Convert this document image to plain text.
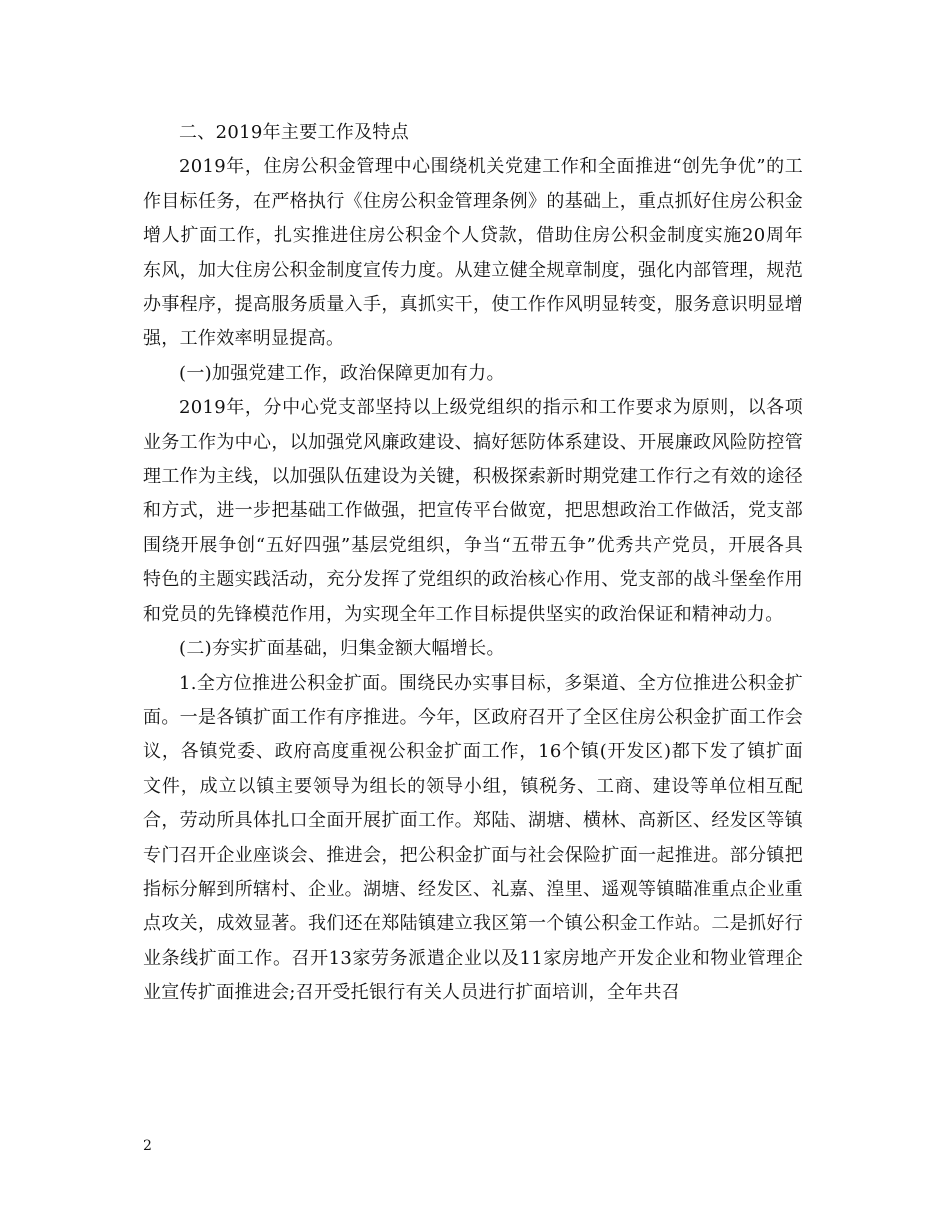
二、2019年主要工作及特点

2019年，住房公积金管理中心围绕机关党建工作和全面推进“创先争优”的工作目标任务，在严格执行《住房公积金管理条例》的基础上，重点抓好住房公积金增人扩面工作，扎实推进住房公积金个人贷款，借助住房公积金制度实施20周年东风，加大住房公积金制度宣传力度。从建立健全规章制度，强化内部管理，规范办事程序，提高服务质量入手，真抓实干，使工作作风明显转变，服务意识明显增强，工作效率明显提高。

(一)加强党建工作，政治保障更加有力。

2019年，分中心党支部坚持以上级党组织的指示和工作要求为原则，以各项业务工作为中心，以加强党风廉政建设、搞好惩防体系建设、开展廉政风险防控管理工作为主线，以加强队伍建设为关键，积极探索新时期党建工作行之有效的途径和方式，进一步把基础工作做强，把宣传平台做宽，把思想政治工作做活，党支部围绕开展争创“五好四强”基层党组织，争当“五带五争”优秀共产党员，开展各具特色的主题实践活动，充分发挥了党组织的政治核心作用、党支部的战斗堡垒作用和党员的先锋模范作用，为实现全年工作目标提供坚实的政治保证和精神动力。

(二)夯实扩面基础，归集金额大幅增长。

1.全方位推进公积金扩面。围绕民办实事目标，多渠道、全方位推进公积金扩面。一是各镇扩面工作有序推进。今年，区政府召开了全区住房公积金扩面工作会议，各镇党委、政府高度重视公积金扩面工作，16个镇(开发区)都下发了镇扩面文件，成立以镇主要领导为组长的领导小组，镇税务、工商、建设等单位相互配合，劳动所具体扎口全面开展扩面工作。郑陆、湖塘、横林、高新区、经发区等镇专门召开企业座谈会、推进会，把公积金扩面与社会保险扩面一起推进。部分镇把指标分解到所辖村、企业。湖塘、经发区、礼嘉、湟里、遥观等镇瞄准重点企业重点攻关，成效显著。我们还在郑陆镇建立我区第一个镇公积金工作站。二是抓好行业条线扩面工作。召开13家劳务派遣企业以及11家房地产开发企业和物业管理企业宣传扩面推进会;召开受托银行有关人员进行扩面培训，全年共召

2
